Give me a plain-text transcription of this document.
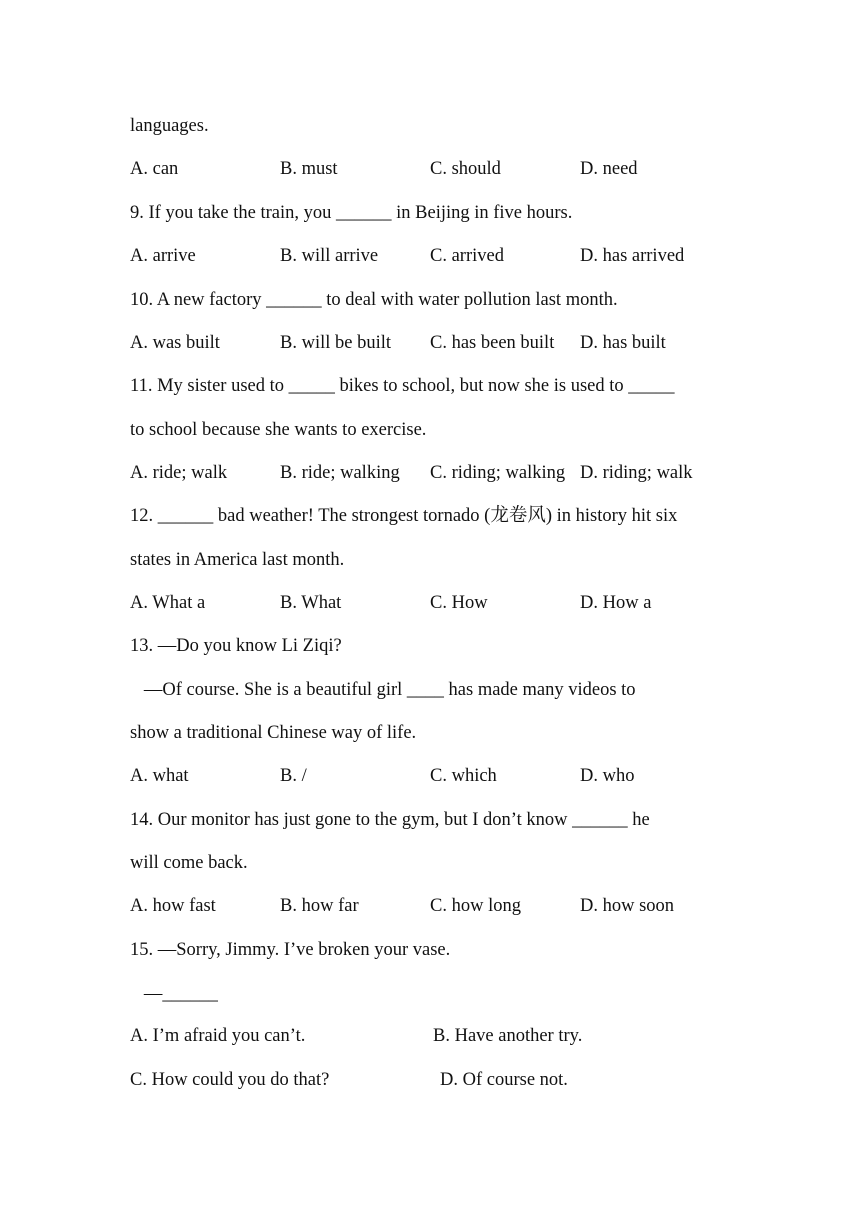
languages.
A. can	B. must	C. should	D. need
9. If you take the train, you ______ in Beijing in five hours.
A. arrive	B. will arrive	C. arrived	D. has arrived
10. A new factory ______ to deal with water pollution last month.
A. was built	B. will be built C. has been built D. has built
11. My sister used to _____ bikes to school, but now she is used to _____
to school because she wants to exercise.
A. ride; walk	B. ride; walking C. riding; walking D. riding; walk
12. ______ bad weather! The strongest tornado (龙卷风) in history hit six
states in America last month.
A. What a	B. What	C. How	D. How a
13. —Do you know Li Ziqi?
—Of course. She is a beautiful girl ____ has made many videos to
show a traditional Chinese way of life.
A. what	B. /	C. which	D. who
14. Our monitor has just gone to the gym, but I don’t know ______ he
will come back.
A. how fast	B. how far	C. how long	D. how soon
15. —Sorry, Jimmy. I’ve broken your vase.
—______
A. I’m afraid you can’t.	B. Have another try.
C. How could you do that?	D. Of course not.
